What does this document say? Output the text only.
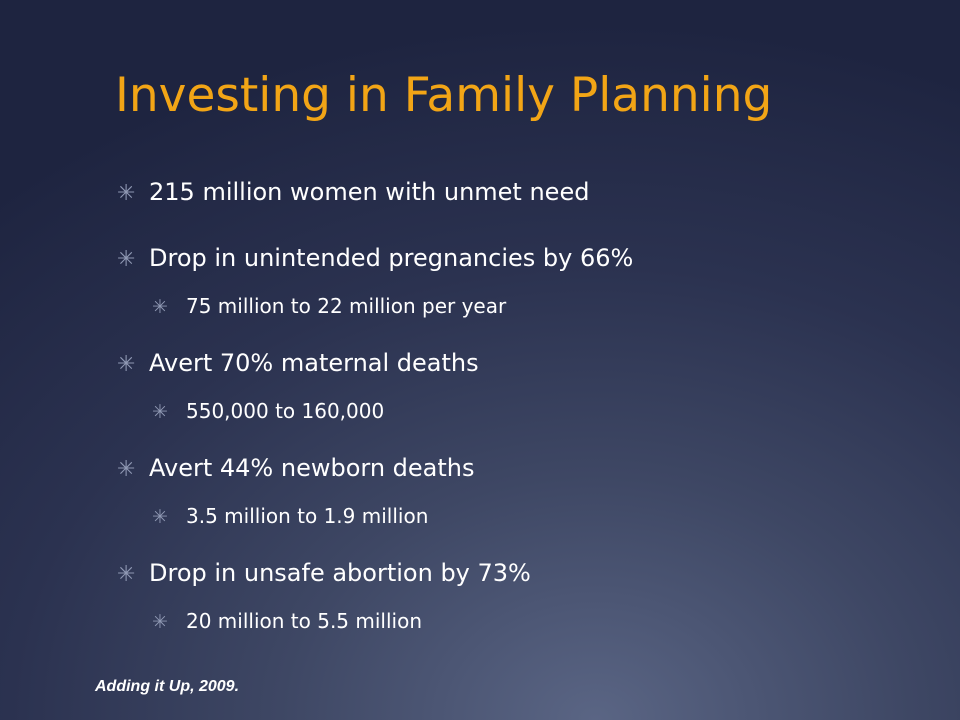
Investing in Family Planning
✳ 215 million women with unmet need
✳ Drop in unintended pregnancies by 66%
✳ 75 million to 22 million per year
✳ Avert 70% maternal deaths
✳ 550,000 to 160,000
✳ Avert 44% newborn deaths
✳ 3.5 million to 1.9 million
✳ Drop in unsafe abortion by 73%
✳ 20 million to 5.5 million
Adding it Up, 2009.
